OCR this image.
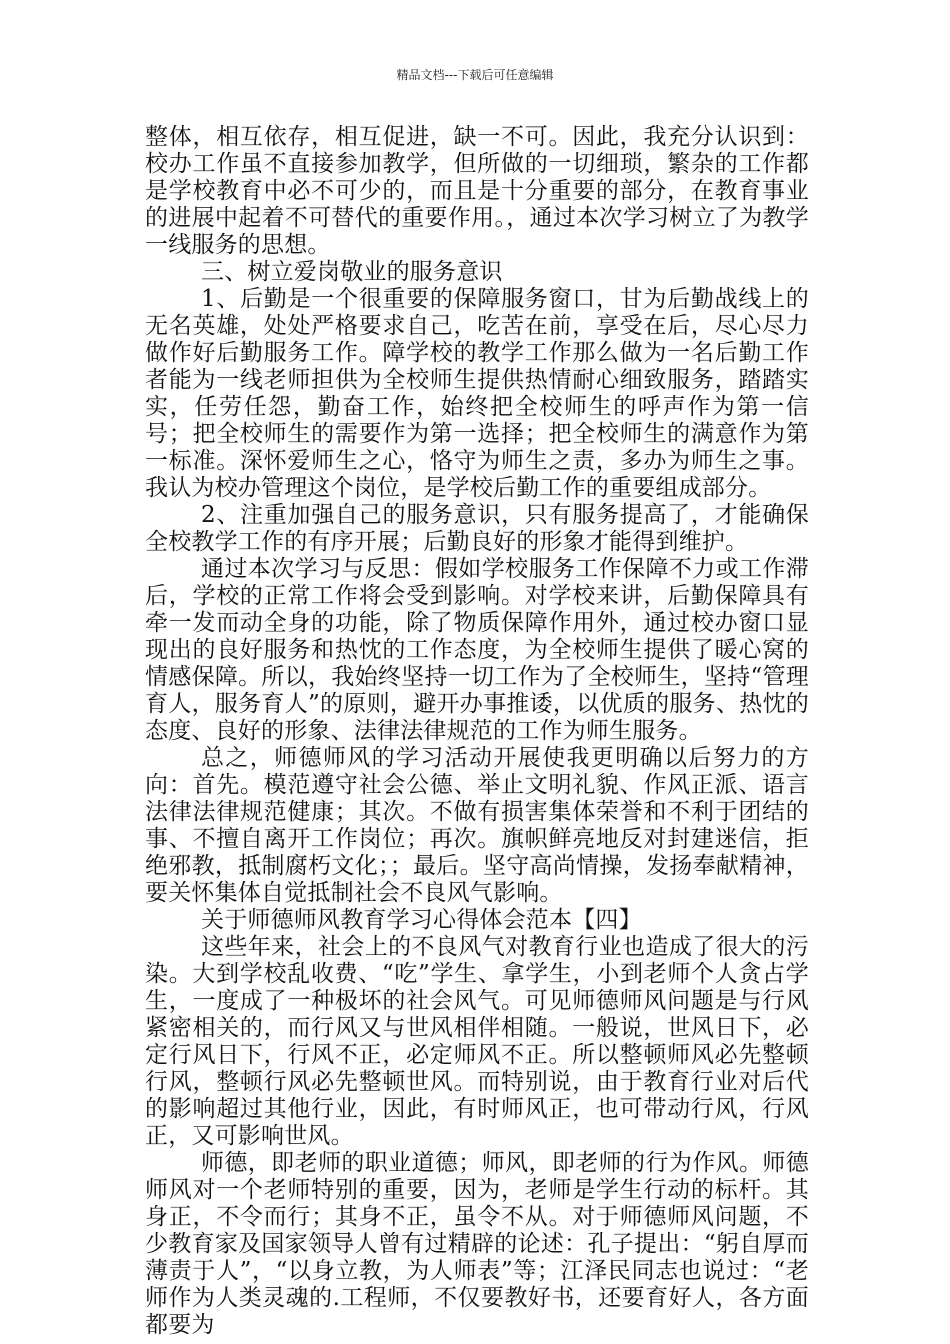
精品文档---下载后可任意编辑

整体，相互依存，相互促进，缺一不可。因此，我充分认识到：校办工作虽不直接参加教学，但所做的一切细琐，繁杂的工作都是学校教育中必不可少的，而且是十分重要的部分，在教育事业的进展中起着不可替代的重要作用。，通过本次学习树立了为教学一线服务的思想。

三、树立爱岗敬业的服务意识

1、后勤是一个很重要的保障服务窗口，甘为后勤战线上的无名英雄，处处严格要求自己，吃苦在前，享受在后，尽心尽力做作好后勤服务工作。障学校的教学工作那么做为一名后勤工作者能为一线老师担供为全校师生提供热情耐心细致服务，踏踏实实，任劳任怨，勤奋工作，始终把全校师生的呼声作为第一信号；把全校师生的需要作为第一选择；把全校师生的满意作为第一标准。深怀爱师生之心，恪守为师生之责，多办为师生之事。我认为校办管理这个岗位，是学校后勤工作的重要组成部分。

2、注重加强自己的服务意识，只有服务提高了，才能确保全校教学工作的有序开展；后勤良好的形象才能得到维护。

通过本次学习与反思：假如学校服务工作保障不力或工作滞后，学校的正常工作将会受到影响。对学校来讲，后勤保障具有牵一发而动全身的功能，除了物质保障作用外，通过校办窗口显现出的良好服务和热忱的工作态度，为全校师生提供了暖心窝的情感保障。所以，我始终坚持一切工作为了全校师生，坚持“管理育人，服务育人”的原则，避开办事推诿，以优质的服务、热忱的态度、良好的形象、法律法律规范的工作为师生服务。

总之，师德师风的学习活动开展使我更明确以后努力的方向：首先。模范遵守社会公德、举止文明礼貌、作风正派、语言法律法律规范健康；其次。不做有损害集体荣誉和不利于团结的事、不擅自离开工作岗位；再次。旗帜鲜亮地反对封建迷信，拒绝邪教，抵制腐朽文化；；最后。坚守高尚情操，发扬奉献精神，要关怀集体自觉抵制社会不良风气影响。

关于师德师风教育学习心得体会范本【四】

这些年来，社会上的不良风气对教育行业也造成了很大的污染。大到学校乱收费、“吃”学生、拿学生，小到老师个人贪占学生，一度成了一种极坏的社会风气。可见师德师风问题是与行风紧密相关的，而行风又与世风相伴相随。一般说，世风日下，必定行风日下，行风不正，必定师风不正。所以整顿师风必先整顿行风，整顿行风必先整顿世风。而特别说，由于教育行业对后代的影响超过其他行业，因此，有时师风正，也可带动行风，行风正，又可影响世风。

师德，即老师的职业道德；师风，即老师的行为作风。师德师风对一个老师特别的重要，因为，老师是学生行动的标杆。其身正，不令而行；其身不正，虽令不从。对于师德师风问题，不少教育家及国家领导人曾有过精辟的论述：孔子提出：“躬自厚而薄责于人”，“以身立教，为人师表”等；江泽民同志也说过：“老师作为人类灵魂的.工程师，不仅要教好书，还要育好人，各方面都要为
